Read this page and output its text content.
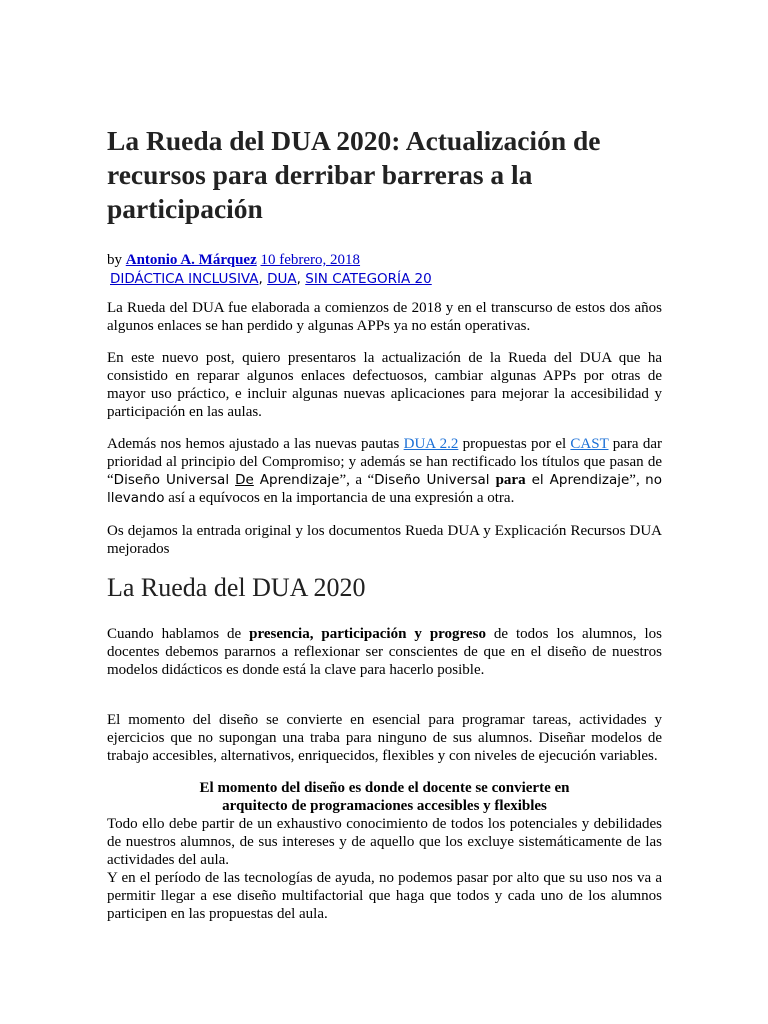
La Rueda del DUA 2020: Actualización de recursos para derribar barreras a la participación
by Antonio A. Márquez 10 febrero, 2018
DIDÁCTICA INCLUSIVA, DUA, SIN CATEGORÍA 20

La Rueda del DUA fue elaborada a comienzos de 2018 y en el transcurso de estos dos años algunos enlaces se han perdido y algunas APPs ya no están operativas.

En este nuevo post, quiero presentaros la actualización de la Rueda del DUA que ha consistido en reparar algunos enlaces defectuosos, cambiar algunas APPs por otras de mayor uso práctico, e incluir algunas nuevas aplicaciones para mejorar la accesibilidad y participación en las aulas.

Además nos hemos ajustado a las nuevas pautas DUA 2.2 propuestas por el CAST para dar prioridad al principio del Compromiso; y además se han rectificado los títulos que pasan de “Diseño Universal De Aprendizaje”, a “Diseño Universal para el Aprendizaje”, no llevando así a equívocos en la importancia de una expresión a otra.

Os dejamos la entrada original y los documentos Rueda DUA y Explicación Recursos DUA mejorados

La Rueda del DUA 2020

Cuando hablamos de presencia, participación y progreso de todos los alumnos, los docentes debemos pararnos a reflexionar ser conscientes de que en el diseño de nuestros modelos didácticos es donde está la clave para hacerlo posible.

El momento del diseño se convierte en esencial para programar tareas, actividades y ejercicios que no supongan una traba para ninguno de sus alumnos. Diseñar modelos de trabajo accesibles, alternativos, enriquecidos, flexibles y con niveles de ejecución variables.

El momento del diseño es donde el docente se convierte en

arquitecto de programaciones accesibles y flexibles

Todo ello debe partir de un exhaustivo conocimiento de todos los potenciales y debilidades de nuestros alumnos, de sus intereses y de aquello que los excluye sistemáticamente de las actividades del aula.

Y en el período de las tecnologías de ayuda, no podemos pasar por alto que su uso nos va a permitir llegar a ese diseño multifactorial que haga que todos y cada uno de los alumnos participen en las propuestas del aula.
